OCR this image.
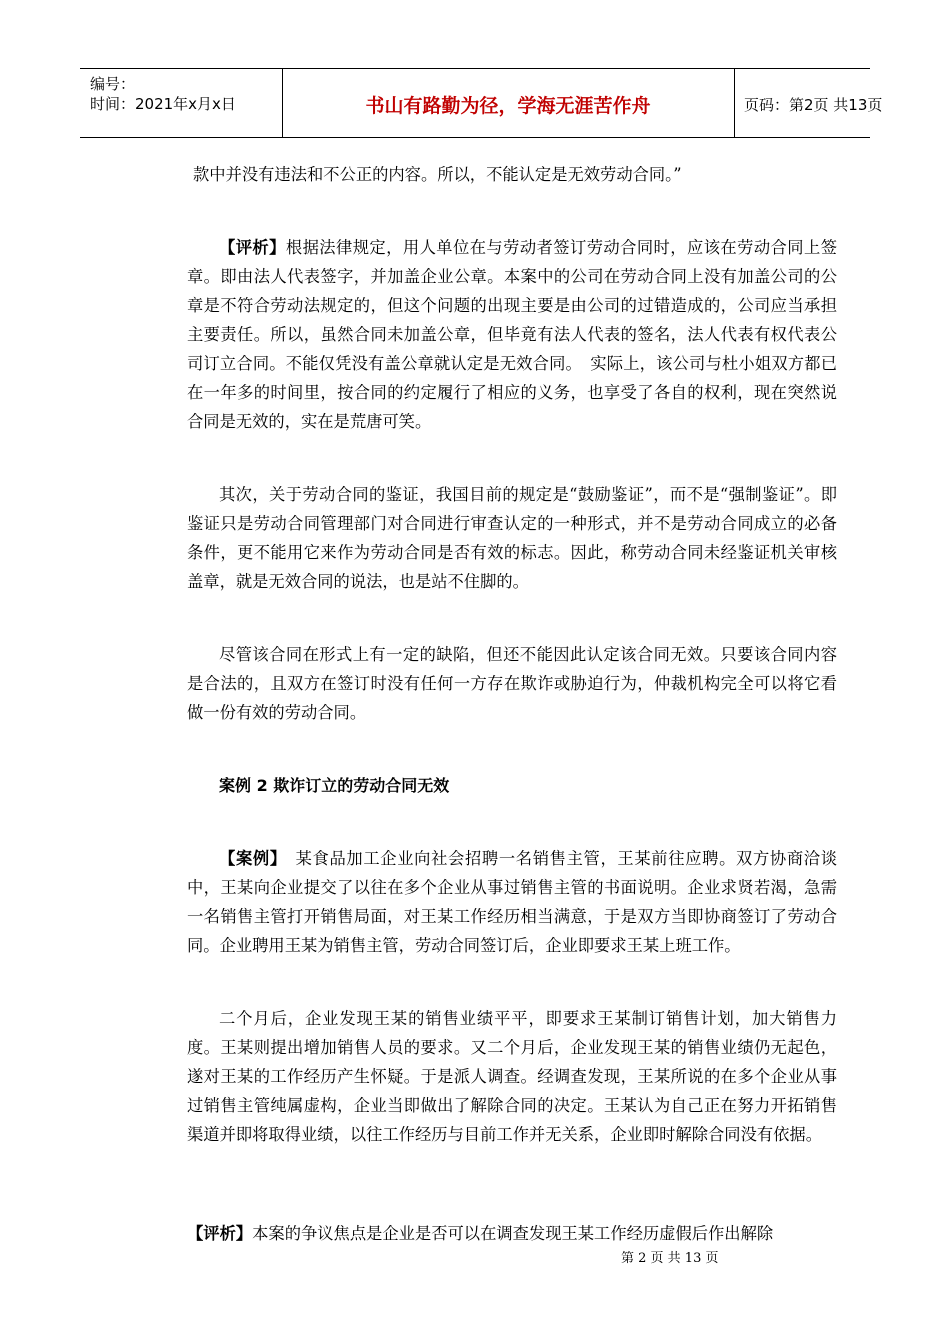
编号：
时间：2021年x月x日	书山有路勤为径，学海无涯苦作舟	页码：第2页 共13页

款中并没有违法和不公正的内容。所以，不能认定是无效劳动合同。”

【评析】根据法律规定，用人单位在与劳动者签订劳动合同时，应该在劳动合同上签章。即由法人代表签字，并加盖企业公章。本案中的公司在劳动合同上没有加盖公司的公章是不符合劳动法规定的，但这个问题的出现主要是由公司的过错造成的，公司应当承担主要责任。所以，虽然合同未加盖公章，但毕竟有法人代表的签名，法人代表有权代表公司订立合同。不能仅凭没有盖公章就认定是无效合同。　实际上，该公司与杜小姐双方都已在一年多的时间里，按合同的约定履行了相应的义务，也享受了各自的权利，现在突然说合同是无效的，实在是荒唐可笑。

其次，关于劳动合同的鉴证，我国目前的规定是“鼓励鉴证”，而不是“强制鉴证”。即鉴证只是劳动合同管理部门对合同进行审查认定的一种形式，并不是劳动合同成立的必备条件，更不能用它来作为劳动合同是否有效的标志。因此，称劳动合同未经鉴证机关审核盖章，就是无效合同的说法，也是站不住脚的。

尽管该合同在形式上有一定的缺陷，但还不能因此认定该合同无效。只要该合同内容是合法的，且双方在签订时没有任何一方存在欺诈或胁迫行为，仲裁机构完全可以将它看做一份有效的劳动合同。

案例 2 欺诈订立的劳动合同无效

【案例】　某食品加工企业向社会招聘一名销售主管，王某前往应聘。双方协商洽谈中，王某向企业提交了以往在多个企业从事过销售主管的书面说明。企业求贤若渴，急需一名销售主管打开销售局面，对王某工作经历相当满意，于是双方当即协商签订了劳动合同。企业聘用王某为销售主管，劳动合同签订后，企业即要求王某上班工作。

二个月后，企业发现王某的销售业绩平平，即要求王某制订销售计划，加大销售力度。王某则提出增加销售人员的要求。又二个月后，企业发现王某的销售业绩仍无起色，遂对王某的工作经历产生怀疑。于是派人调查。经调查发现，王某所说的在多个企业从事过销售主管纯属虚构，企业当即做出了解除合同的决定。王某认为自己正在努力开拓销售渠道并即将取得业绩，以往工作经历与目前工作并无关系，企业即时解除合同没有依据。

【评析】本案的争议焦点是企业是否可以在调查发现王某工作经历虚假后作出解除
第 2 页 共 13 页
